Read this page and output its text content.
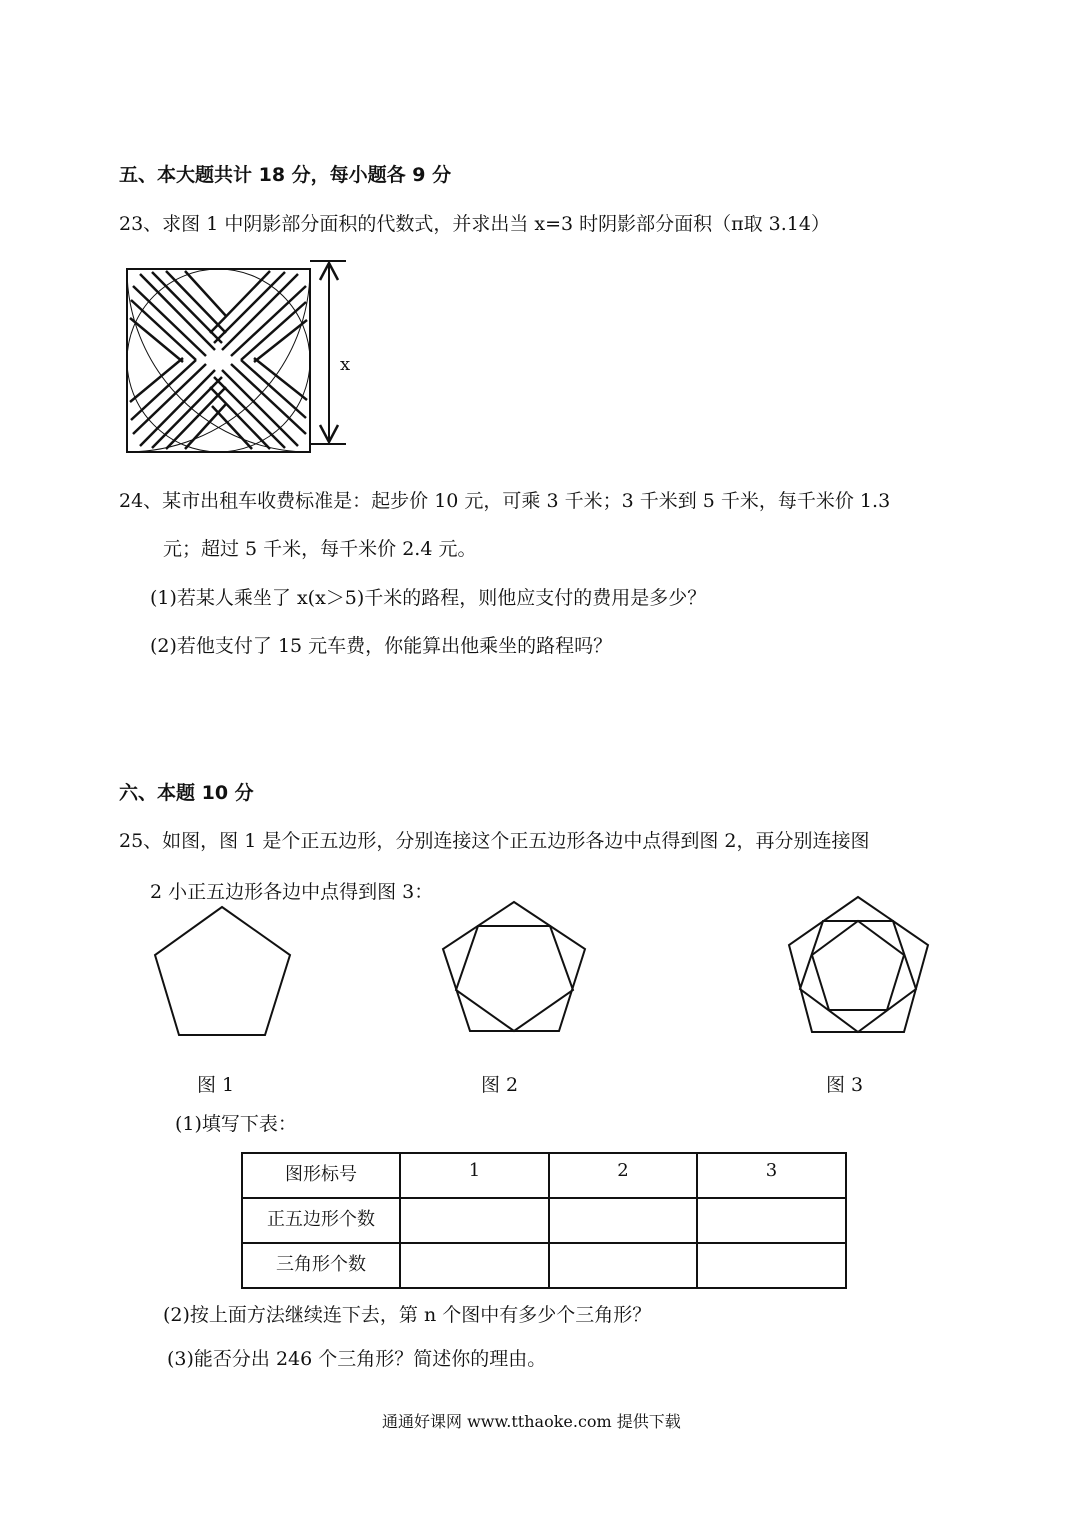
五、本大题共计 18 分，每小题各 9 分
23、求图 1 中阴影部分面积的代数式，并求出当 x=3 时阴影部分面积（π取 3.14）
x
24、某市出租车收费标准是：起步价 10 元，可乘 3 千米；3 千米到 5 千米，每千米价 1.3
元；超过 5 千米，每千米价 2.4 元。
(1)若某人乘坐了 x(x＞5)千米的路程，则他应支付的费用是多少？
(2)若他支付了 15 元车费，你能算出他乘坐的路程吗？
六、本题 10 分
25、如图，图 1 是个正五边形，分别连接这个正五边形各边中点得到图 2，再分别连接图
2 小正五边形各边中点得到图 3：
图 1	图 2	图 3
(1)填写下表：
图形标号	1	2	3
正五边形个数			
三角形个数			
(2)按上面方法继续连下去，第 n 个图中有多少个三角形？
(3)能否分出 246 个三角形？简述你的理由。
通通好课网 www.tthaoke.com 提供下载
